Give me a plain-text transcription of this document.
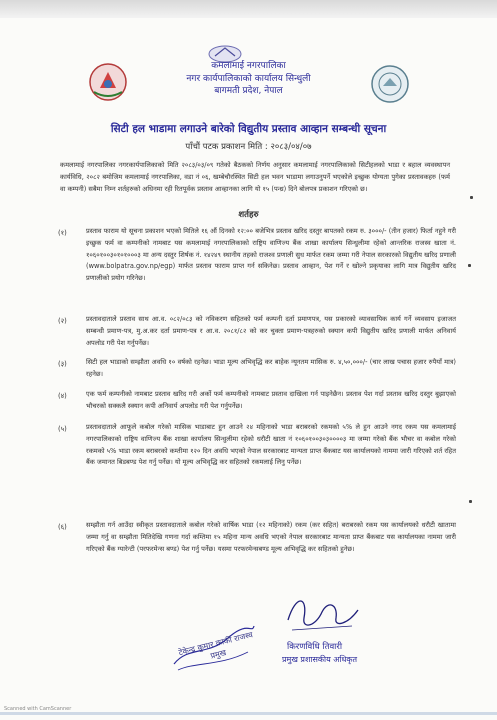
कमलामाई नगरपालिका
नगर कार्यपालिकाको कार्यालय सिन्धुली
बागमती प्रदेश, नेपाल
सिटी हल भाडामा लगाउने बारेको विद्युतीय प्रस्ताव आव्हान सम्बन्धी सूचना
पाँचौं पटक प्रकाशन मिति : २०८३/०४/०७
कमलामाई नगरपालिका नगरकार्यपालिकाको मिति २०८३/०३/०९ गतेको बैठकको निर्णय अनुसार कमलामाई नगरपालिकाको सिटीहलको भाडा र बहाल व्यवस्थापन कार्यविधि, २०८२ बमोजिम कमलामाई नगरपालिका, वडा नं ०६, खम्बेचौरस्थित सिटी हल भवन भाडामा लगाउनुपर्ने भएकोले इच्छुक योग्यता पुगेका प्रस्तावकहरु (फर्म वा कम्पनी) सबैमा निम्न शर्तहरुको अधिनमा रही रितपूर्वक प्रस्ताव आव्हानका लागि यो १५ (पन्ध्र) दिने बोलपत्र प्रकाशन गरिएको छ।
शर्तहरु
(१)	प्रस्ताव फाराम यो सूचना प्रकाशन भएको मितिले १६ औं दिनको १२:०० बजेभित्र प्रस्ताव खरिद दस्तुर बापतको रकम रु. ३०००/- (तीन हजार) फिर्ता नहुने गरी इच्छुक फर्म वा कम्पनीको नामबाट यस कमलामाई नगरपालिकाको राष्ट्रिय वाणिज्य बैंक शाखा कार्यालय सिन्धुलीमा रहेको आन्तरिक राजस्व खाता नं. १०६०१००३०१०१०००३ मा अन्य दस्तुर शिर्षक नं. १४२४९ स्थानीय तहको राजश्व प्रणाली सुध मार्फत रकम जम्मा गरी नेपाल सरकारको विद्युतीय खरिद प्रणाली (www.bolpatra.gov.np/egp) मार्फत प्रस्ताव फाराम प्राप्त गर्न सकिनेछ। प्रस्ताव आव्हान, पेश गर्ने र खोल्ने प्रकृयाका लागि मात्र विद्युतीय खरिद प्रणालीको प्रयोग गरिनेछ।
(२)	प्रस्तावदाताले प्रस्ताव साथ आ.व. ०८२/०८३ को नविकरण सहितको फर्म कम्पनी दर्ता प्रमाणपत्र, यस प्रकारको व्यावसायिक कार्य गर्ने व्यवसाय इजाजत सम्बन्धी प्रमाण-पत्र, मु.अ.कर दर्ता प्रमाण-पत्र र आ.व. २०८१/८२ को कर चुक्ता प्रमाण-पत्रहरुको स्क्यान कपी विद्युतीय खरिद प्रणाली मार्फत अनिवार्य अपलोड गरी पेश गर्नुपर्नेछ।
(३)	सिटी हल भाडाको सम्झौता अवधि १० वर्षको रहनेछ। भाडा मूल्य अभिवृद्धि कर बाहेक न्यूनतम मासिक रु. ४,५०,०००/- (चार लाख पचास हजार रुपैयाँ मात्र) रहनेछ।
(४)	एक फर्म कम्पनीको नामबाट प्रस्ताव खरिद गरी अर्को फर्म कम्पनीको नामबाट प्रस्ताव दाखिला गर्न पाइनेछैन। प्रस्ताव पेश गर्दा प्रस्ताव खरिद दस्तुर बुझाएको भौचरको सक्कलै स्क्यान कपी अनिवार्य अपलोड गरी पेश गर्नुपर्नेछ।
(५)	प्रस्तावदाताले आफूले कबोल गरेको मासिक भाडाबाट हुन आउने २४ महिनाको भाडा बराबरको रकमको ५% ले हुन आउने नगद रकम यस कमलामाई नगरपालिकाको राष्ट्रिय वाणिज्य बैंक शाखा कार्यालय सिन्धुलीमा रहेको धरौटी खाता नं १०६०१००३०३००००३ मा जम्मा गरेको बैंक भौचर वा कबोल गरेको रकमको ५% भाडा रकम बराबरको कम्तीमा १२० दिन अवधि भएको नेपाल सरकारबाट मान्यता प्राप्त बैंकबाट यस कार्यालयको नाममा जारी गरिएको शर्त रहित बैंक जमानत बिडबण्ड पेश गर्नु पर्नेछ। यो मूल्य अभिवृद्धि कर सहितको रकमलाई लिनु पर्नेछ।
(६)	सम्झौता गर्न आउँदा स्वीकृत प्रस्तावदाताले कबोल गरेको वार्षिक भाडा (१२ महिनाको) रकम (कर सहित) बराबरको रकम यस कार्यालयको धरौटी खातामा जम्मा गर्नु वा सम्झौता मितिदेखि गणना गर्दा कम्तिमा १५ महिना मान्य अवधि भएको नेपाल सरकारबाट मान्यता प्राप्त बैंकबाट यस कार्यालयका नाममा जारी गरिएको बैंक ग्यारेन्टी (परफरमेन्स बण्ड) पेश गर्नु पर्नेछ। यसमा परफरमेन्सबण्ड मूल्य अभिवृद्धि कर सहितको हुनेछ।
टेकेन्द्र कुमार कार्की राजस्व प्रमुख
किरणविधि तिवारी
प्रमुख प्रशासकीय अधिकृत
Scanned with CamScanner
